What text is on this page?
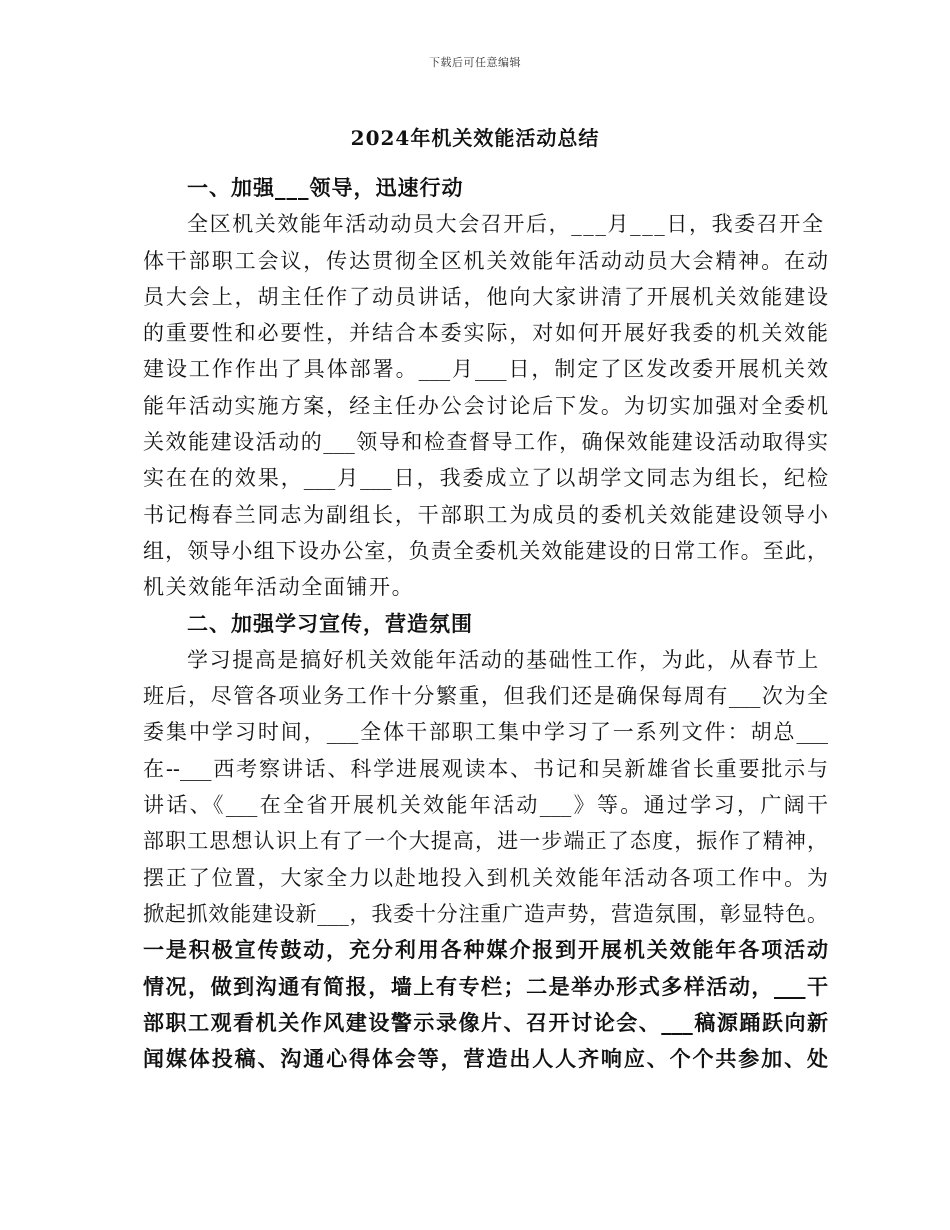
下载后可任意编辑
2024年机关效能活动总结
一、加强___领导，迅速行动
全区机关效能年活动动员大会召开后，___月___日，我委召开全
体干部职工会议，传达贯彻全区机关效能年活动动员大会精神。在动
员大会上，胡主任作了动员讲话，他向大家讲清了开展机关效能建设
的重要性和必要性，并结合本委实际，对如何开展好我委的机关效能
建设工作作出了具体部署。___月___日，制定了区发改委开展机关效
能年活动实施方案，经主任办公会讨论后下发。为切实加强对全委机
关效能建设活动的___领导和检查督导工作，确保效能建设活动取得实
实在在的效果，___月___日，我委成立了以胡学文同志为组长，纪检
书记梅春兰同志为副组长，干部职工为成员的委机关效能建设领导小
组，领导小组下设办公室，负责全委机关效能建设的日常工作。至此，
机关效能年活动全面铺开。
二、加强学习宣传，营造氛围
学习提高是搞好机关效能年活动的基础性工作，为此，从春节上
班后，尽管各项业务工作十分繁重，但我们还是确保每周有___次为全
委集中学习时间，___全体干部职工集中学习了一系列文件：胡总___
在--___西考察讲话、科学进展观读本、书记和吴新雄省长重要批示与
讲话、《___在全省开展机关效能年活动___》等。通过学习，广阔干
部职工思想认识上有了一个大提高，进一步端正了态度，振作了精神，
摆正了位置，大家全力以赴地投入到机关效能年活动各项工作中。为
掀起抓效能建设新___，我委十分注重广造声势，营造氛围，彰显特色。
一是积极宣传鼓动，充分利用各种媒介报到开展机关效能年各项活动
情况，做到沟通有简报，墙上有专栏；二是举办形式多样活动，___干
部职工观看机关作风建设警示录像片、召开讨论会、___稿源踊跃向新
闻媒体投稿、沟通心得体会等，营造出人人齐响应、个个共参加、处
